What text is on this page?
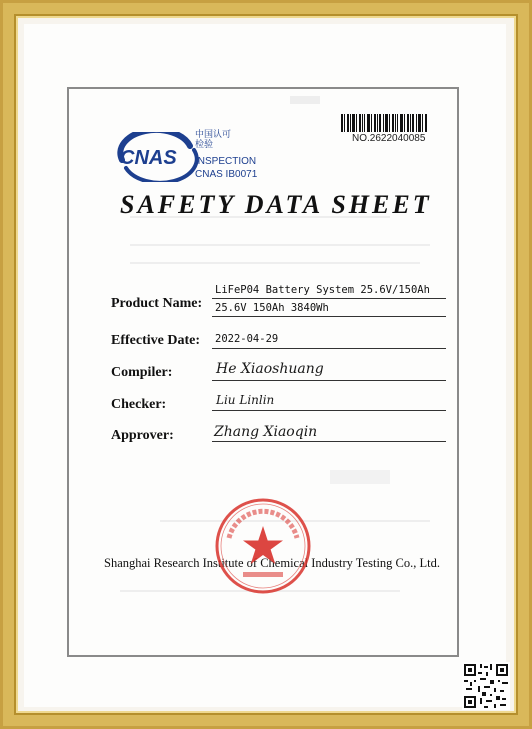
NO.2622040085
CNAS
中国认可
检验
INSPECTION
CNAS IB0071
SAFETY DATA SHEET
Product Name:
LiFeP04 Battery System 25.6V/150Ah
25.6V 150Ah 3840Wh
Effective Date: 2022-04-29
Compiler:	He Xiaoshuang
Checker:	Liu Linlin
Approver:	Zhang Xiaoqin
Shanghai Research Institute of Chemical Industry Testing Co., Ltd.
